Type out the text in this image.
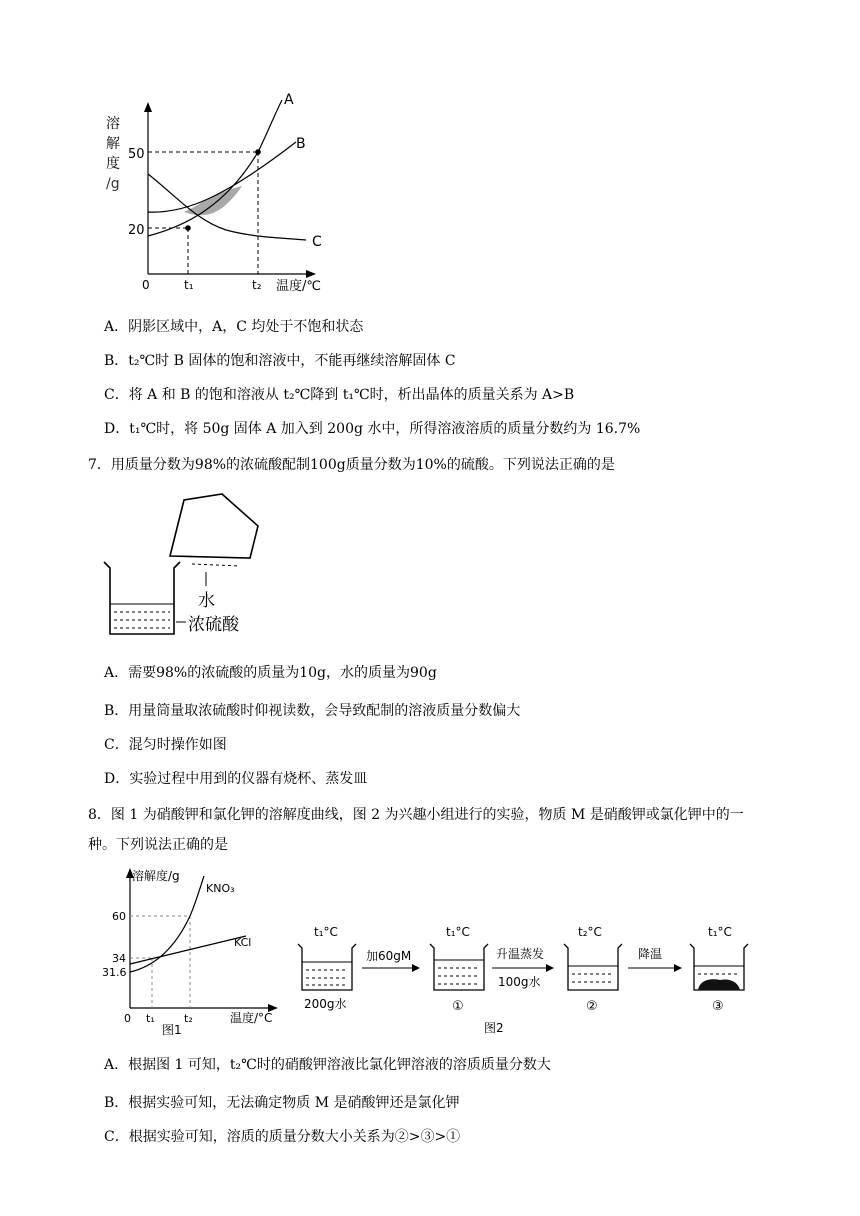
溶
解
度
/g
50
20
0	t₁	t₂ 温度/℃
A
B
C
A．阴影区域中，A，C 均处于不饱和状态
B．t₂℃时 B 固体的饱和溶液中，不能再继续溶解固体 C
C．将 A 和 B 的饱和溶液从 t₂℃降到 t₁℃时，析出晶体的质量关系为 A>B
D．t₁℃时，将 50g 固体 A 加入到 200g 水中，所得溶液溶质的质量分数约为 16.7%
7．用质量分数为98%的浓硫酸配制100g质量分数为10%的硫酸。下列说法正确的是
水
浓硫酸
A．需要98%的浓硫酸的质量为10g，水的质量为90g
B．用量筒量取浓硫酸时仰视读数，会导致配制的溶液质量分数偏大
C．混匀时操作如图
D．实验过程中用到的仪器有烧杯、蒸发皿
8．图 1 为硝酸钾和氯化钾的溶解度曲线，图 2 为兴趣小组进行的实验，物质 M 是硝酸钾或氯化钾中的一
种。下列说法正确的是
溶解度/g
KNO₃
KCl
60
34
31.6
0 t₁	t₂	温度/°C
图1
t₁°C
200g水
加60gM
t₁°C
①
升温蒸发
100g水
t₂°C
②
降温
t₁°C
③
图2
A．根据图 1 可知，t₂℃时的硝酸钾溶液比氯化钾溶液的溶质质量分数大
B．根据实验可知，无法确定物质 M 是硝酸钾还是氯化钾
C．根据实验可知，溶质的质量分数大小关系为②>③>①
